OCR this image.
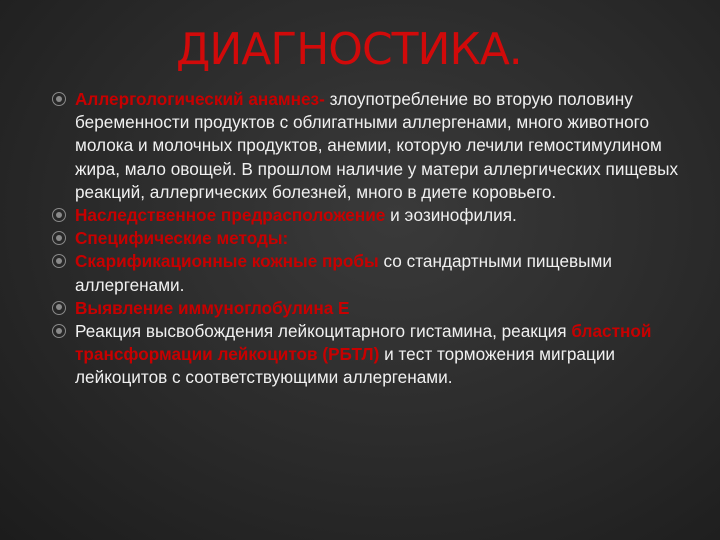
ДИАГНОСТИКА.
Аллергологический анамнез- злоупотребление во вторую половину беременности продуктов с облигатными аллергенами, много животного молока и молочных продуктов, анемии, которую лечили гемостимулином жира, мало овощей. В прошлом наличие у матери аллергических пищевых реакций, аллергических болезней, много в диете коровьего.
Наследственное предрасположение и эозинофилия.
Специфические методы:
Скарификационные кожные пробы со стандартными пищевыми аллергенами.
Выявление иммуноглобулина Е
Реакция высвобождения лейкоцитарного гистамина, реакция бластной трансформации лейкоцитов (РБТЛ) и тест торможения миграции лейкоцитов с соответствующими аллергенами.
